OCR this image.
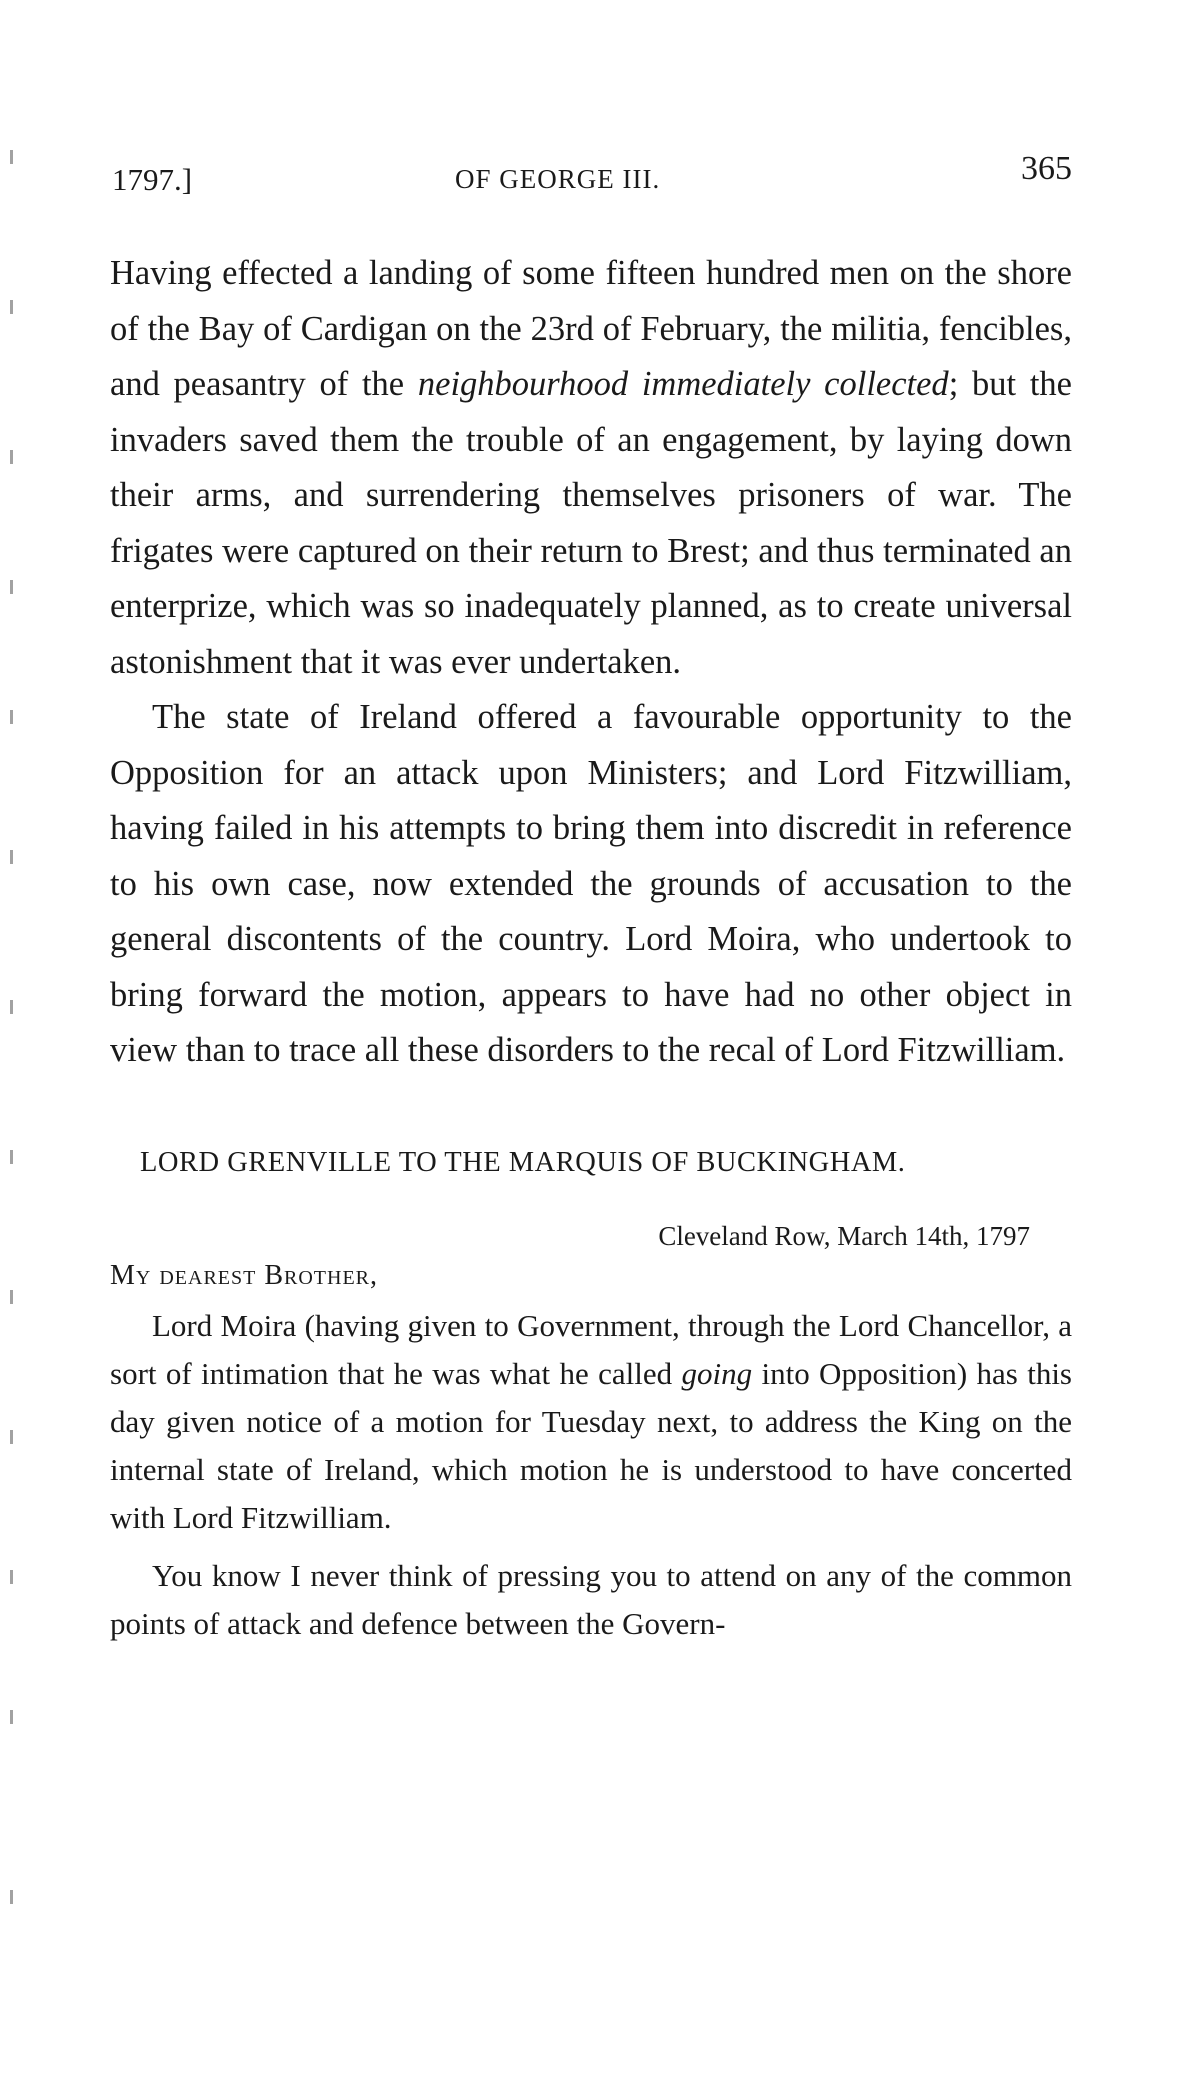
1797.]	OF GEORGE III.	365

Having effected a landing of some fifteen hundred men on the shore of the Bay of Cardigan on the 23rd of February, the militia, fencibles, and peasantry of the neighbourhood immediately collected; but the invaders saved them the trouble of an engagement, by laying down their arms, and surrendering themselves prisoners of war. The frigates were captured on their return to Brest; and thus terminated an enterprize, which was so inadequately planned, as to create universal astonishment that it was ever undertaken.

The state of Ireland offered a favourable opportunity to the Opposition for an attack upon Ministers; and Lord Fitzwilliam, having failed in his attempts to bring them into discredit in reference to his own case, now extended the grounds of accusation to the general discontents of the country. Lord Moira, who undertook to bring forward the motion, appears to have had no other object in view than to trace all these disorders to the recal of Lord Fitzwilliam.

LORD GRENVILLE TO THE MARQUIS OF BUCKINGHAM.
Cleveland Row, March 14th, 1797
My dearest Brother,

Lord Moira (having given to Government, through the Lord Chancellor, a sort of intimation that he was what he called going into Opposition) has this day given notice of a motion for Tuesday next, to address the King on the internal state of Ireland, which motion he is understood to have concerted with Lord Fitzwilliam.

You know I never think of pressing you to attend on any of the common points of attack and defence between the Govern-
